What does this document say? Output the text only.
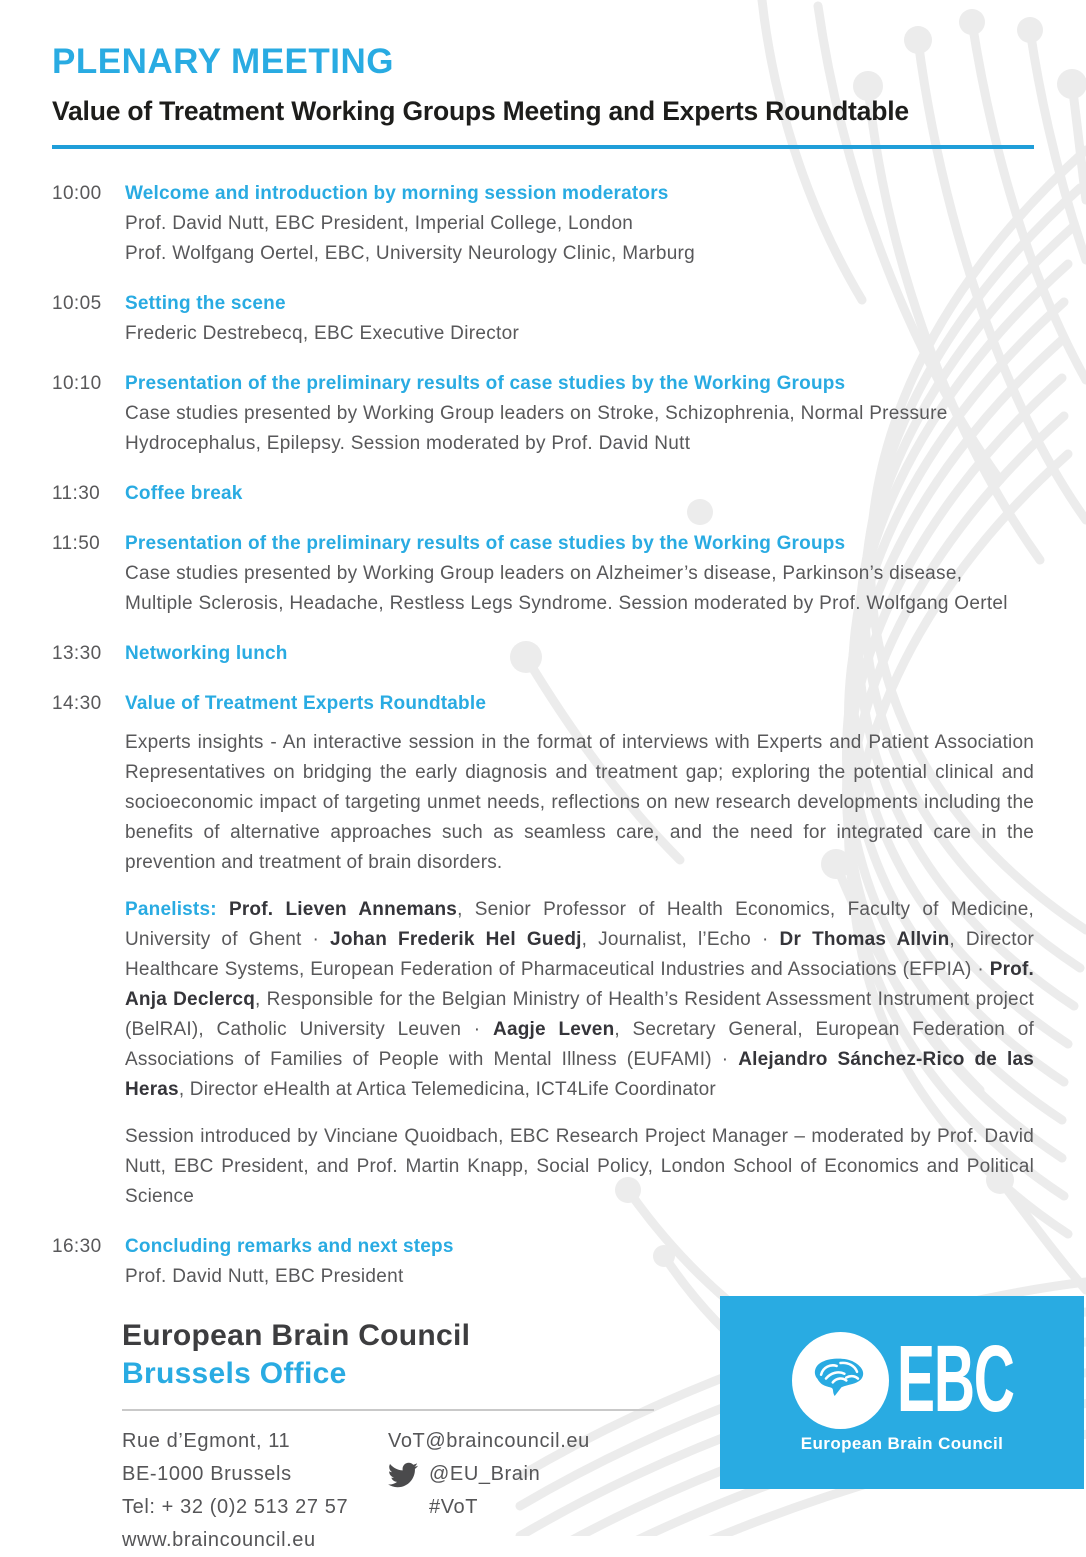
PLENARY MEETING
Value of Treatment Working Groups Meeting and Experts Roundtable
10:00	Welcome and introduction by morning session moderators
Prof. David Nutt, EBC President, Imperial College, London
Prof. Wolfgang Oertel, EBC, University Neurology Clinic, Marburg
10:05	Setting the scene
Frederic Destrebecq, EBC Executive Director
10:10	Presentation of the preliminary results of case studies by the Working Groups
Case studies presented by Working Group leaders on Stroke, Schizophrenia, Normal Pressure Hydrocephalus, Epilepsy. Session moderated by Prof. David Nutt
11:30	Coffee break
11:50	Presentation of the preliminary results of case studies by the Working Groups
Case studies presented by Working Group leaders on Alzheimer’s disease, Parkinson’s disease, Multiple Sclerosis, Headache, Restless Legs Syndrome. Session moderated by Prof. Wolfgang Oertel
13:30	Networking lunch
14:30	Value of Treatment Experts Roundtable

Experts insights - An interactive session in the format of interviews with Experts and Patient Association Representatives on bridging the early diagnosis and treatment gap; exploring the potential clinical and socioeconomic impact of targeting unmet needs, reflections on new research developments including the benefits of alternative approaches such as seamless care, and the need for integrated care in the prevention and treatment of brain disorders.

Panelists: Prof. Lieven Annemans, Senior Professor of Health Economics, Faculty of Medicine, University of Ghent · Johan Frederik Hel Guedj, Journalist, l’Echo · Dr Thomas Allvin, Director Healthcare Systems, European Federation of Pharmaceutical Industries and Associations (EFPIA) · Prof. Anja Declercq, Responsible for the Belgian Ministry of Health’s Resident Assessment Instrument project (BelRAI), Catholic University Leuven · Aagje Leven, Secretary General, European Federation of Associations of Families of People with Mental Illness (EUFAMI) · Alejandro Sánchez-Rico de las Heras, Director eHealth at Artica Telemedicina, ICT4Life Coordinator

Session introduced by Vinciane Quoidbach, EBC Research Project Manager – moderated by Prof. David Nutt, EBC President, and Prof. Martin Knapp, Social Policy, London School of Economics and Political Science

16:30	Concluding remarks and next steps
Prof. David Nutt, EBC President
European Brain Council
Brussels Office
Rue d’Egmont, 11
BE-1000 Brussels
Tel: + 32 (0)2 513 27 57
www.braincouncil.eu
VoT@braincouncil.eu
@EU_Brain
#VoT
EBC
European Brain Council
